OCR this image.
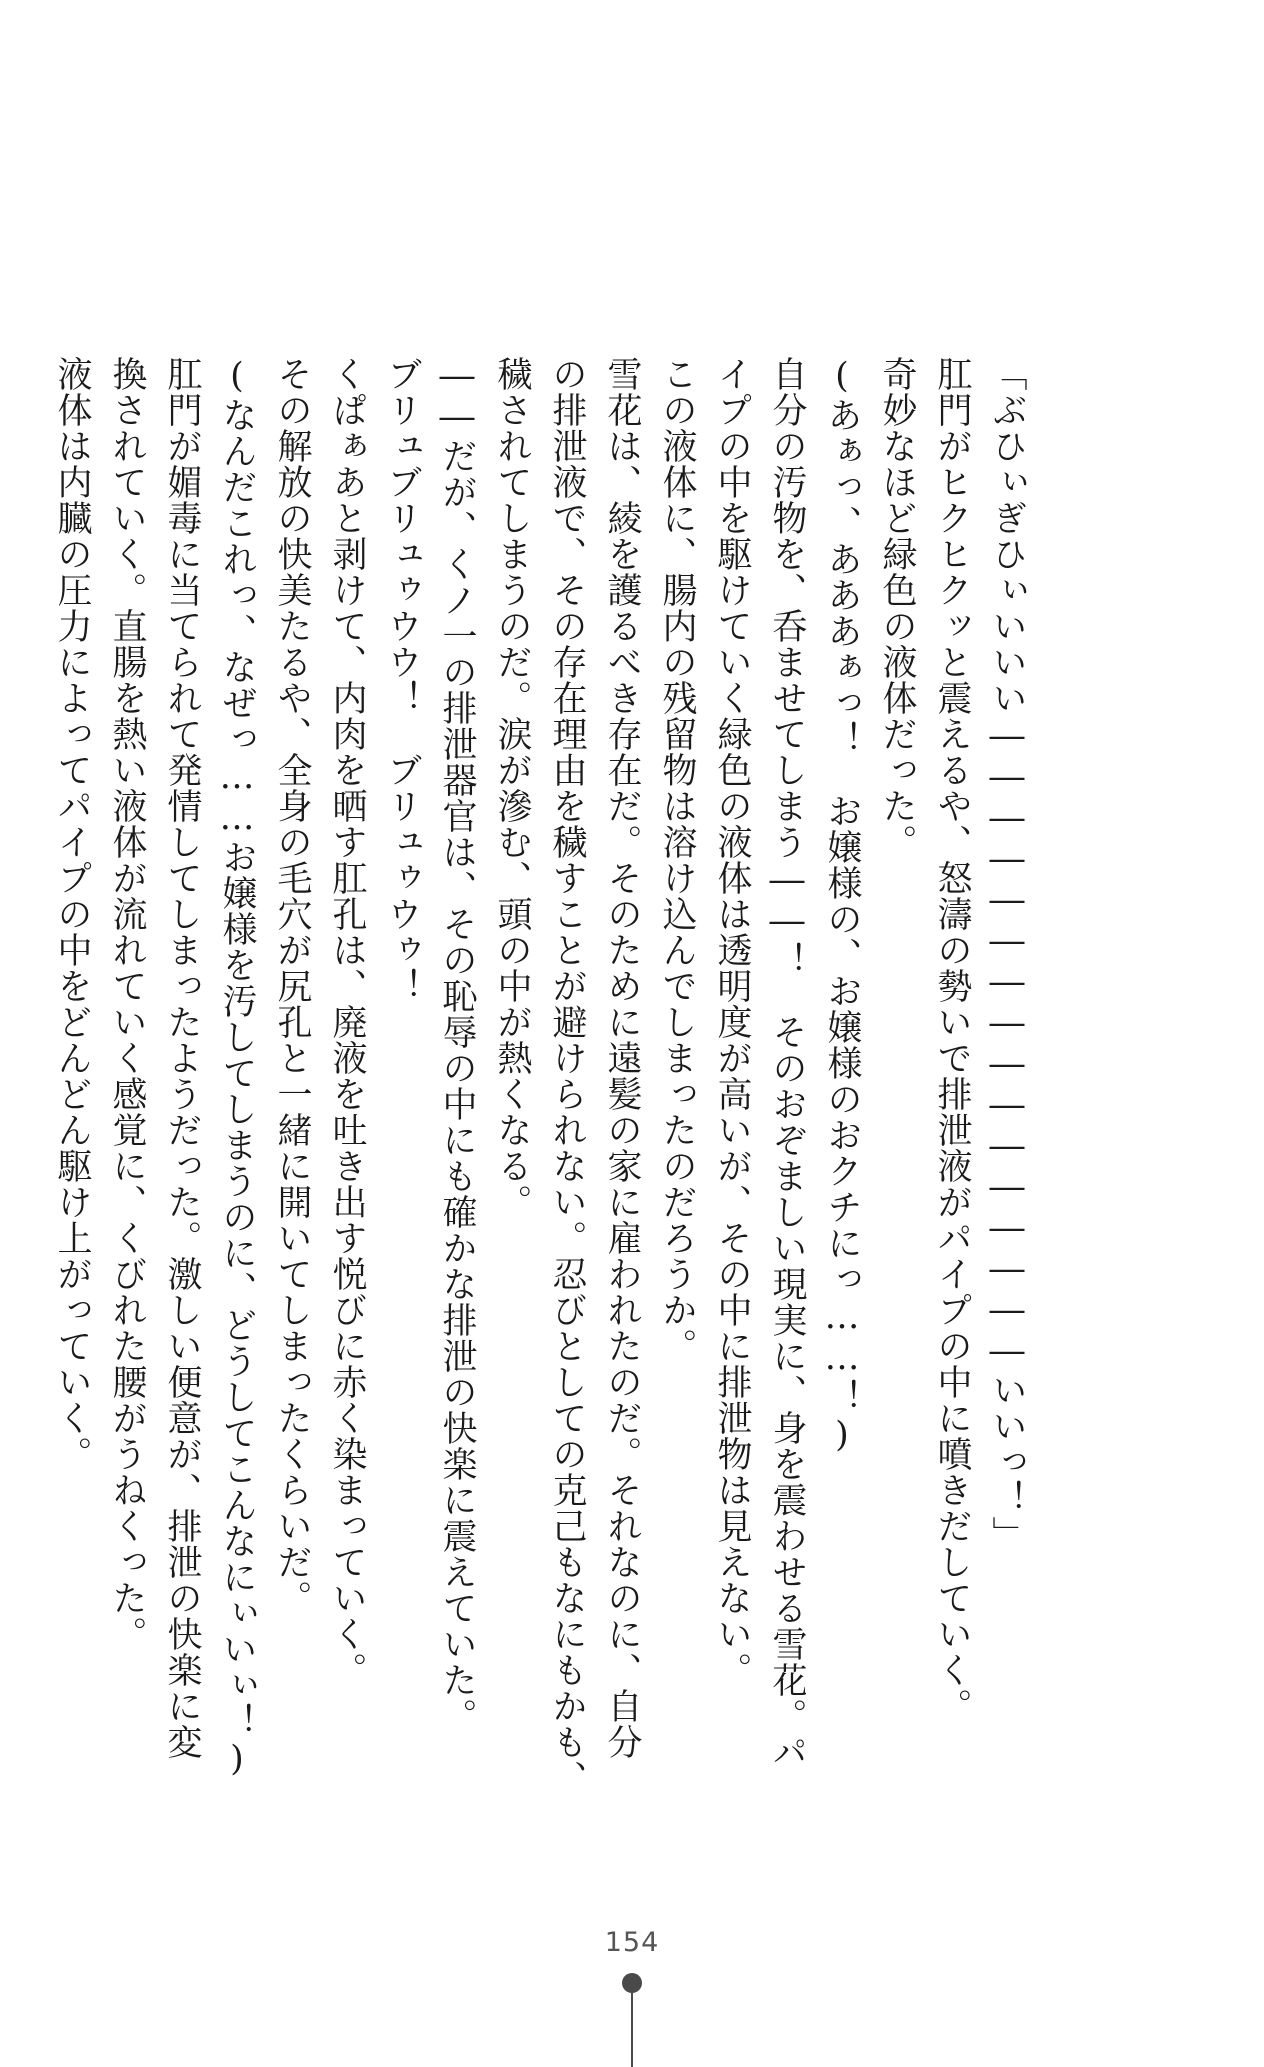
「ぶひぃぎひぃいいい――――――――――――――――いいっ！」
肛門がヒクヒクッと震えるや、怒濤の勢いで排泄液がパイプの中に噴きだしていく。
奇妙なほど緑色の液体だった。
(あぁっ、あああぁっ！　お嬢様の、お嬢様のおクチにっ……！)
自分の汚物を、呑ませてしまう――！　そのおぞましい現実に、身を震わせる雪花。パ
イプの中を駆けていく緑色の液体は透明度が高いが、その中に排泄物は見えない。
この液体に、腸内の残留物は溶け込んでしまったのだろうか。
雪花は、綾を護るべき存在だ。そのために遠髪の家に雇われたのだ。それなのに、自分
の排泄液で、その存在理由を穢すことが避けられない。忍びとしての克己もなにもかも、
穢されてしまうのだ。涙が滲む、頭の中が熱くなる。
――だが、くノ一の排泄器官は、その恥辱の中にも確かな排泄の快楽に震えていた。
ブリュブリュゥウウ！　ブリュゥウゥ！
くぱぁあと剥けて、内肉を晒す肛孔は、廃液を吐き出す悦びに赤く染まっていく。
その解放の快美たるや、全身の毛穴が尻孔と一緒に開いてしまったくらいだ。
(なんだこれっ、なぜっ……お嬢様を汚してしまうのに、どうしてこんなにぃいぃ！)
肛門が媚毒に当てられて発情してしまったようだった。激しい便意が、排泄の快楽に変
換されていく。直腸を熱い液体が流れていく感覚に、くびれた腰がうねくった。
液体は内臓の圧力によってパイプの中をどんどん駆け上がっていく。
154
